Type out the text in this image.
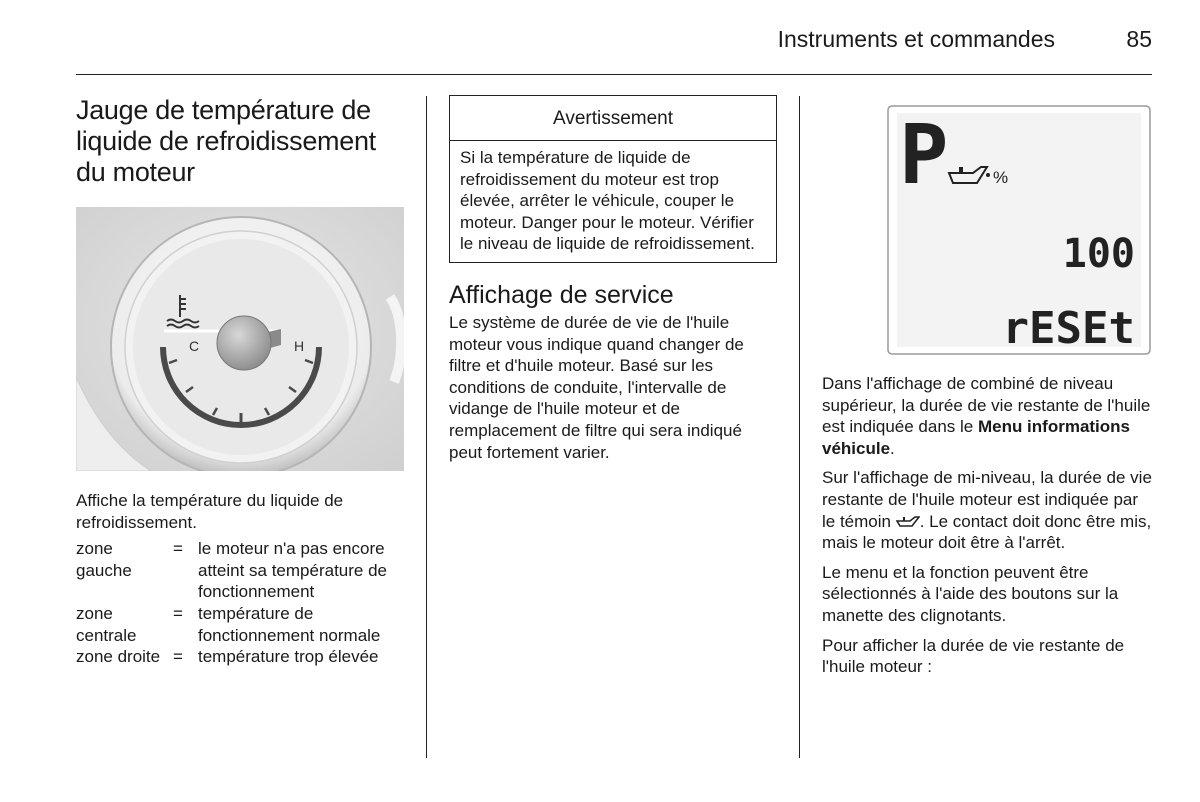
Instruments et commandes	85
Jauge de température de liquide de refroidissement du moteur
C	H

Affiche la température du liquide de refroidissement.

zone gauche	=	le moteur n'a pas encore atteint sa température de fonctionnement
zone centrale	=	température de fonctionnement normale
zone droite	=	température trop élevée
Avertissement
Si la température de liquide de refroidissement du moteur est trop élevée, arrêter le véhicule, couper le moteur. Danger pour le moteur. Vérifier le niveau de liquide de refroidissement.
Affichage de service

Le système de durée de vie de l'huile moteur vous indique quand changer de filtre et d'huile moteur. Basé sur les conditions de conduite, l'intervalle de vidange de l'huile moteur et de remplacement de filtre qui sera indiqué peut fortement varier.

P	%
100
rESEt

Dans l'affichage de combiné de niveau supérieur, la durée de vie restante de l'huile est indiquée dans le Menu informations véhicule.

Sur l'affichage de mi-niveau, la durée de vie restante de l'huile moteur est indiquée par le témoin . Le contact doit donc être mis, mais le moteur doit être à l'arrêt.

Le menu et la fonction peuvent être sélectionnés à l'aide des boutons sur la manette des clignotants.

Pour afficher la durée de vie restante de l'huile moteur :
